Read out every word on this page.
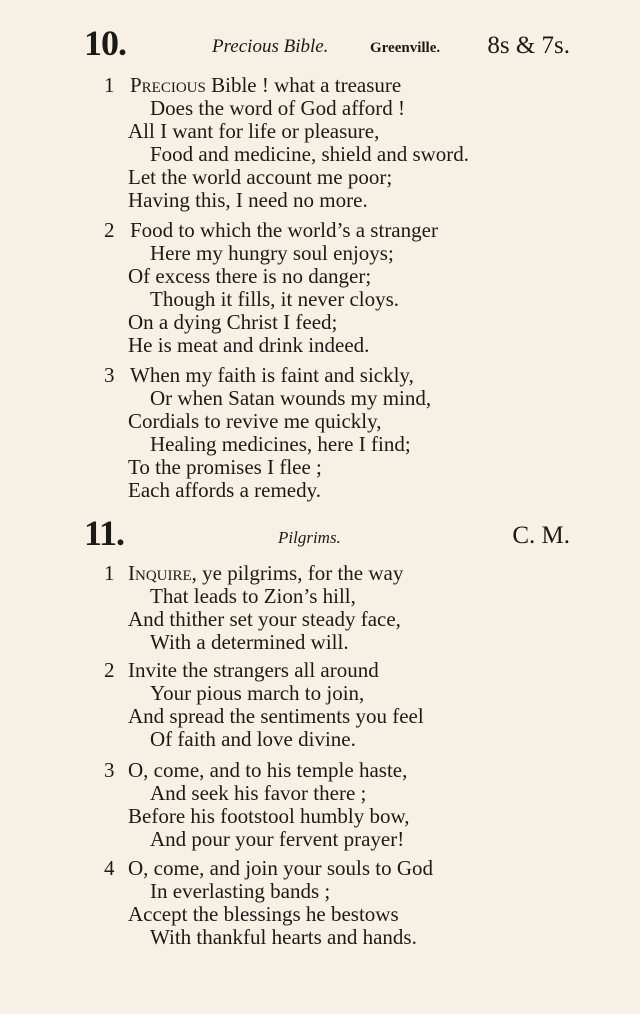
10.	Precious Bible.	Greenville. 8s & 7s.
1 Precious Bible ! what a treasure
Does the word of God afford !
All I want for life or pleasure,
Food and medicine, shield and sword.
Let the world account me poor;
Having this, I need no more.
2 Food to which the world’s a stranger
Here my hungry soul enjoys;
Of excess there is no danger;
Though it fills, it never cloys.
On a dying Christ I feed;
He is meat and drink indeed.
3 When my faith is faint and sickly,
Or when Satan wounds my mind,
Cordials to revive me quickly,
Healing medicines, here I find;
To the promises I flee ;
Each affords a remedy.
11.	Pilgrims.	C. M.
1 Inquire, ye pilgrims, for the way
That leads to Zion’s hill,
And thither set your steady face,
With a determined will.
2 Invite the strangers all around
Your pious march to join,
And spread the sentiments you feel
Of faith and love divine.
3 O, come, and to his temple haste,
And seek his favor there ;
Before his footstool humbly bow,
And pour your fervent prayer!
4 O, come, and join your souls to God
In everlasting bands ;
Accept the blessings he bestows
With thankful hearts and hands.
